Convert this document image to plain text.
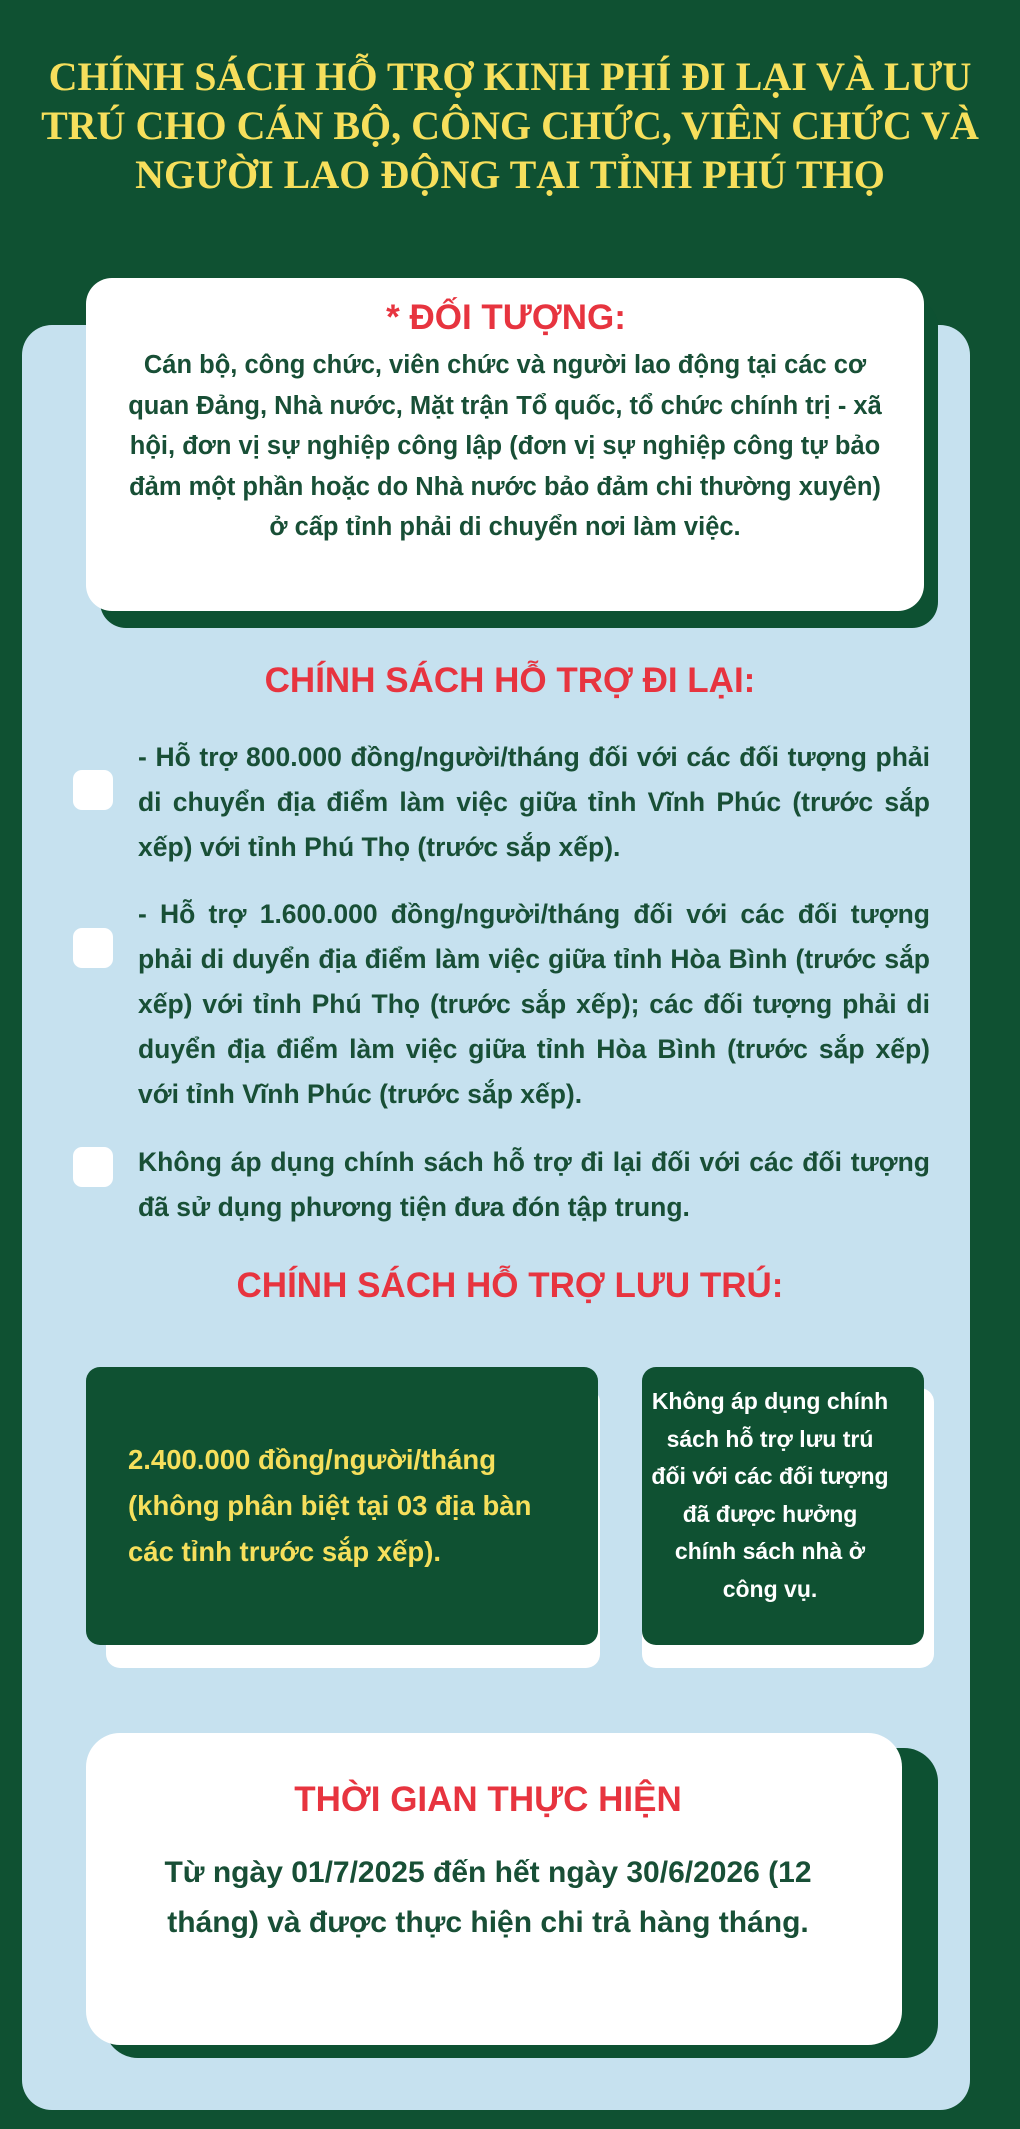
CHÍNH SÁCH HỖ TRỢ KINH PHÍ ĐI LẠI VÀ LƯU TRÚ CHO CÁN BỘ, CÔNG CHỨC, VIÊN CHỨC VÀ NGƯỜI LAO ĐỘNG TẠI TỈNH PHÚ THỌ
* ĐỐI TƯỢNG:
Cán bộ, công chức, viên chức và người lao động tại các cơ quan Đảng, Nhà nước, Mặt trận Tổ quốc, tổ chức chính trị - xã hội, đơn vị sự nghiệp công lập (đơn vị sự nghiệp công tự bảo đảm một phần hoặc do Nhà nước bảo đảm chi thường xuyên) ở cấp tỉnh phải di chuyển nơi làm việc.
CHÍNH SÁCH HỖ TRỢ ĐI LẠI:
- Hỗ trợ 800.000 đồng/người/tháng đối với các đối tượng phải di chuyển địa điểm làm việc giữa tỉnh Vĩnh Phúc (trước sắp xếp) với tỉnh Phú Thọ (trước sắp xếp).
- Hỗ trợ 1.600.000 đồng/người/tháng đối với các đối tượng phải di duyển địa điểm làm việc giữa tỉnh Hòa Bình (trước sắp xếp) với tỉnh Phú Thọ (trước sắp xếp); các đối tượng phải di duyển địa điểm làm việc giữa tỉnh Hòa Bình (trước sắp xếp) với tỉnh Vĩnh Phúc (trước sắp xếp).
Không áp dụng chính sách hỗ trợ đi lại đối với các đối tượng đã sử dụng phương tiện đưa đón tập trung.
CHÍNH SÁCH HỖ TRỢ LƯU TRÚ:
2.400.000 đồng/người/tháng (không phân biệt tại 03 địa bàn các tỉnh trước sắp xếp).
Không áp dụng chính sách hỗ trợ lưu trú đối với các đối tượng đã được hưởng chính sách nhà ở công vụ.
THỜI GIAN THỰC HIỆN
Từ ngày 01/7/2025 đến hết ngày 30/6/2026 (12 tháng) và được thực hiện chi trả hàng tháng.
